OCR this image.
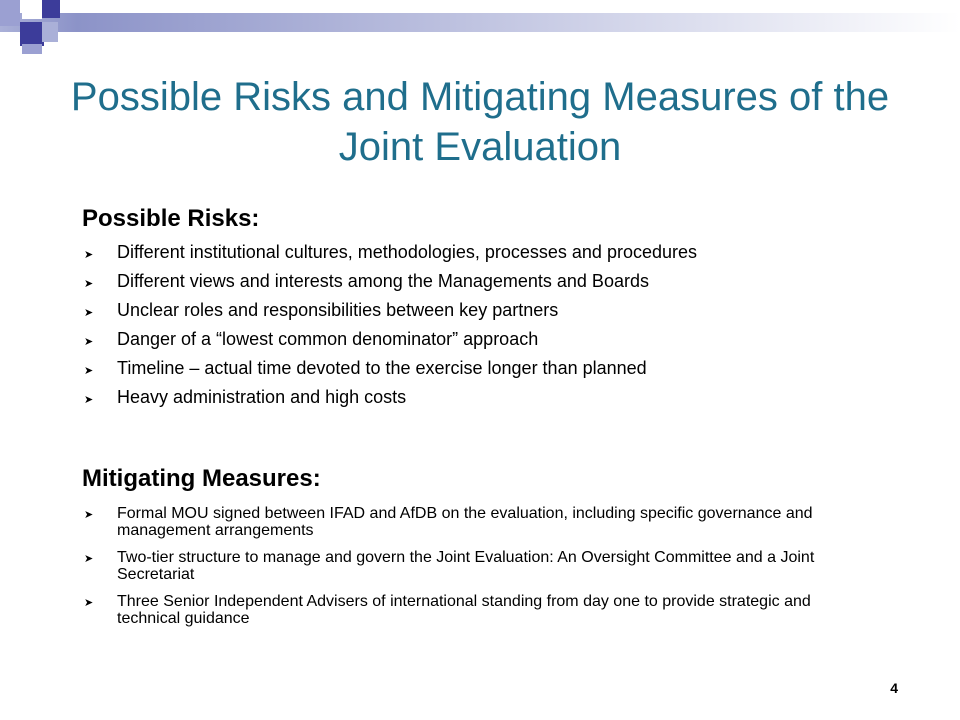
Possible Risks and Mitigating Measures of the Joint Evaluation
Possible Risks:
➤ Different institutional cultures, methodologies, processes and procedures
➤ Different views and interests among the Managements and Boards
➤ Unclear roles and responsibilities between key partners
➤ Danger of a “lowest common denominator” approach
➤ Timeline – actual time devoted to the exercise longer than planned
➤ Heavy administration and high costs
Mitigating Measures:
➤ Formal MOU signed between IFAD and AfDB on the evaluation, including specific governance and management arrangements
➤ Two-tier structure to manage and govern the Joint Evaluation: An Oversight Committee and a Joint Secretariat
➤ Three Senior Independent Advisers of international standing from day one to provide strategic and technical guidance
4
